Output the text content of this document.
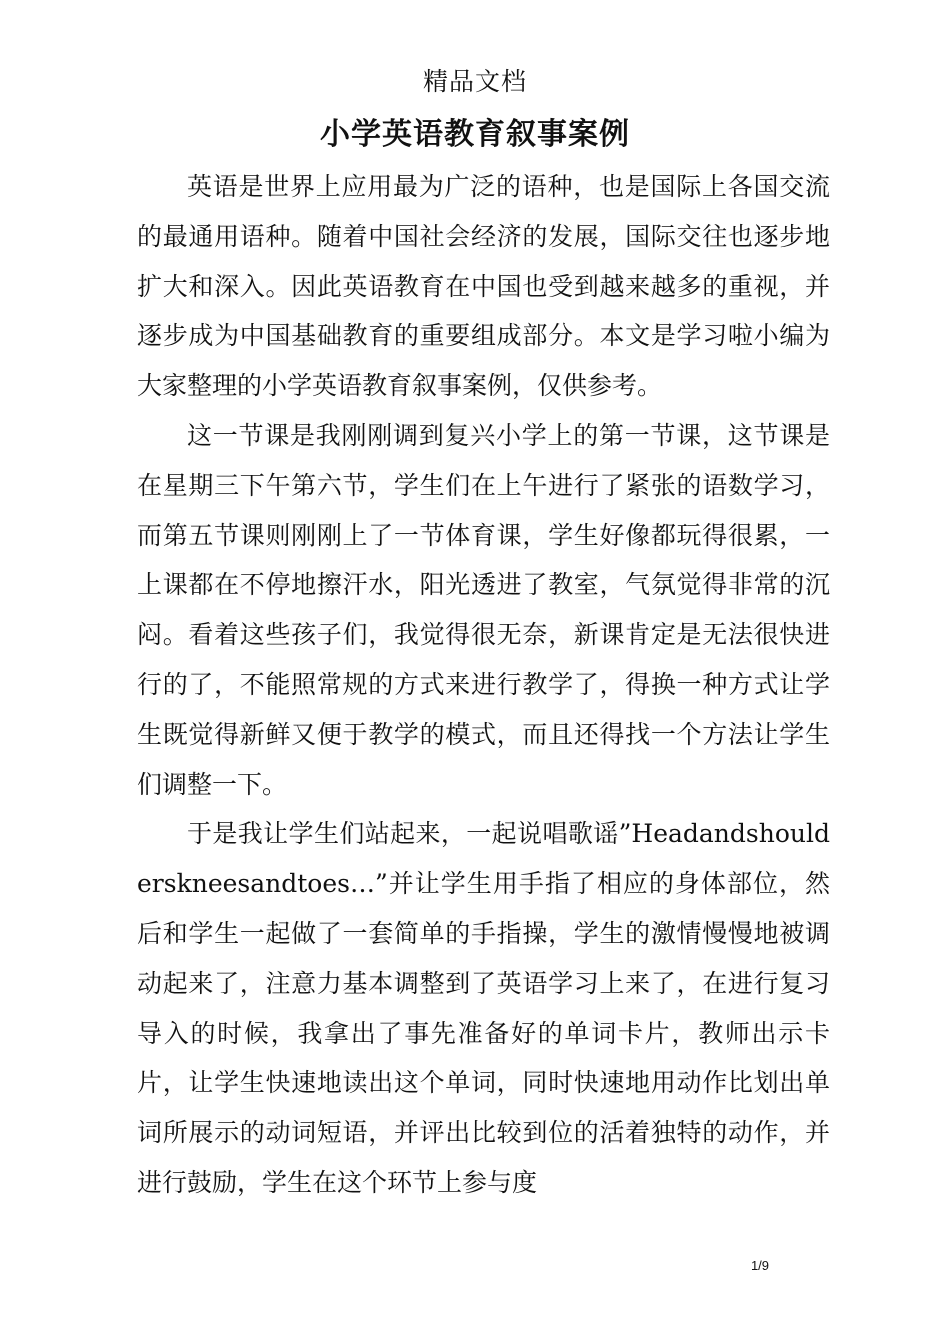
精品文档
小学英语教育叙事案例

英语是世界上应用最为广泛的语种，也是国际上各国交流的最通用语种。随着中国社会经济的发展，国际交往也逐步地扩大和深入。因此英语教育在中国也受到越来越多的重视，并逐步成为中国基础教育的重要组成部分。本文是学习啦小编为大家整理的小学英语教育叙事案例，仅供参考。

这一节课是我刚刚调到复兴小学上的第一节课，这节课是在星期三下午第六节，学生们在上午进行了紧张的语数学习，而第五节课则刚刚上了一节体育课，学生好像都玩得很累，一上课都在不停地擦汗水，阳光透进了教室，气氛觉得非常的沉闷。看着这些孩子们，我觉得很无奈，新课肯定是无法很快进行的了，不能照常规的方式来进行教学了，得换一种方式让学生既觉得新鲜又便于教学的模式，而且还得找一个方法让学生们调整一下。

于是我让学生们站起来，一起说唱歌谣”Headandshoulderskneesandtoes…”并让学生用手指了相应的身体部位，然后和学生一起做了一套简单的手指操，学生的激情慢慢地被调动起来了，注意力基本调整到了英语学习上来了，在进行复习导入的时候，我拿出了事先准备好的单词卡片，教师出示卡片，让学生快速地读出这个单词，同时快速地用动作比划出单词所展示的动词短语，并评出比较到位的活着独特的动作，并进行鼓励，学生在这个环节上参与度

1/9
